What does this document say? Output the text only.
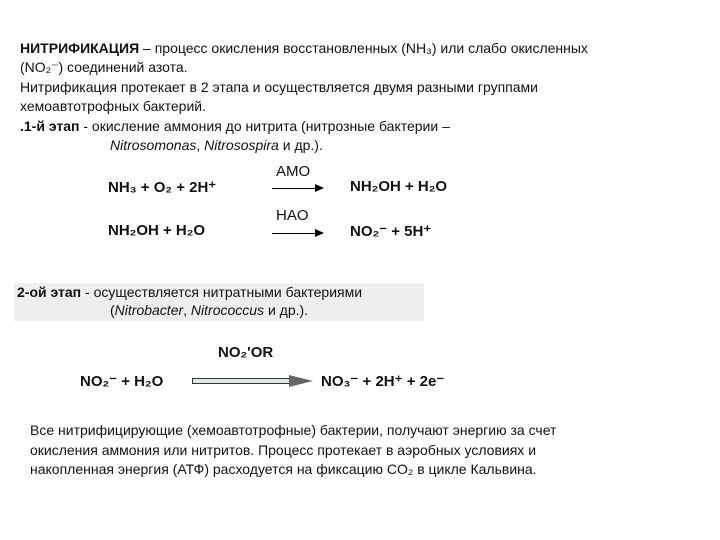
НИТРИФИКАЦИЯ – процесс окисления восстановленных (NH₃) или слабо окисленных
(NO₂⁻) соединений азота.
Нитрификация протекает в 2 этапа и осуществляется двумя разными группами
хемоавтотрофных бактерий.
.1-й этап - окисление аммония до нитрита (нитрозные бактерии –
Nitrosomonas, Nitrosospira и др.).
NH₃ + O₂ + 2H⁺
AMO
NH₂OH + H₂O
NH₂OH + H₂O
HAO
NO₂⁻ + 5H⁺
2-ой этап - осуществляется нитратными бактериями
(Nitrobacter, Nitrococcus и др.).
NO₂'OR
NO₂⁻ + H₂O	NO₃⁻ + 2H⁺ + 2e⁻
Все нитрифицирующие (хемоавтотрофные) бактерии, получают энергию за счет
окисления аммония или нитритов. Процесс протекает в аэробных условиях и
накопленная энергия (АТФ) расходуется на фиксацию CO₂ в цикле Кальвина.
